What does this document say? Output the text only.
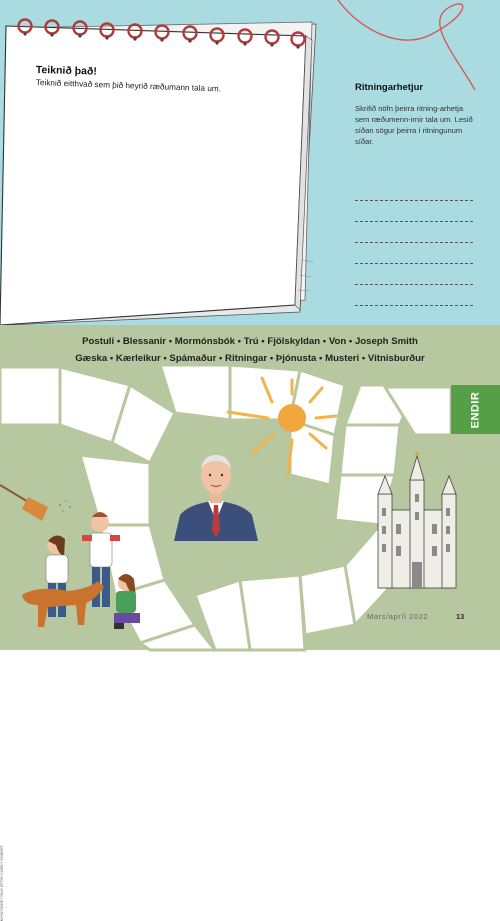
Teiknið það!
Teiknið eitthvað sem þið heyrið ræðumann tala um.	Ritningarhetjur
Skrifið nöfn þeirra ritning-arhetja sem ræðumenn-irnir tala um. Lesið síðan sögur þeirra í ritningunum síðar.
ENDIR
MYNDSKREYTING EFTIR COREY EGBERT
Postuli • Blessanir • Mormónsbók • Trú • Fjölskyldan • Von • Joseph Smith
Gæska • Kærleikur • Spámaður • Ritningar • Þjónusta • Musteri • Vitnisburður
Mars/apríl 2022	13
